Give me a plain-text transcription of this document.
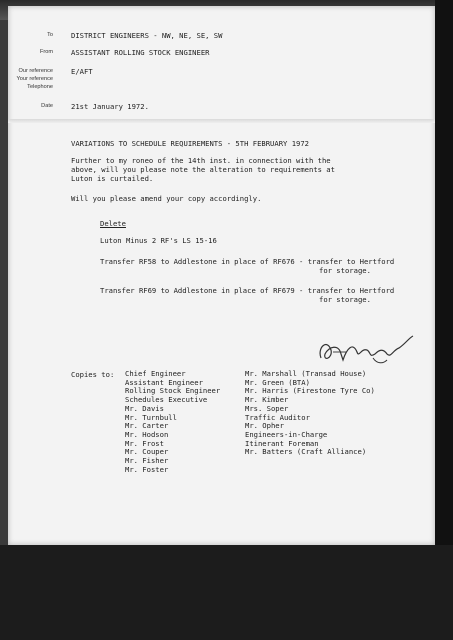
To
From
Our reference
Your reference
Telephone
Date
DISTRICT ENGINEERS - NW, NE, SE, SW
ASSISTANT ROLLING STOCK ENGINEER
E/AFT
21st January 1972.
VARIATIONS TO SCHEDULE REQUIREMENTS - 5TH FEBRUARY 1972
Further to my roneo of the 14th inst. in connection with the
above, will you please note the alteration to requirements at
Luton is curtailed.
Will you please amend your copy accordingly.
Delete
Luton Minus 2 RF's LS 15-16
Transfer RF58 to Addlestone in place of RF676 - transfer to Hertford
for storage.
Transfer RF69 to Addlestone in place of RF679 - transfer to Hertford
for storage.
Copies to: Chief Engineer
Assistant Engineer
Rolling Stock Engineer
Schedules Executive
Mr. Davis
Mr. Turnbull
Mr. Carter
Mr. Hodson
Mr. Frost
Mr. Couper
Mr. Fisher
Mr. Foster
Mr. Marshall (Transad House)
Mr. Green (BTA)
Mr. Harris (Firestone Tyre Co)
Mr. Kimber
Mrs. Soper
Traffic Auditor
Mr. Opher
Engineers-in-Charge
Itinerant Foreman
Mr. Batters (Craft Alliance)
